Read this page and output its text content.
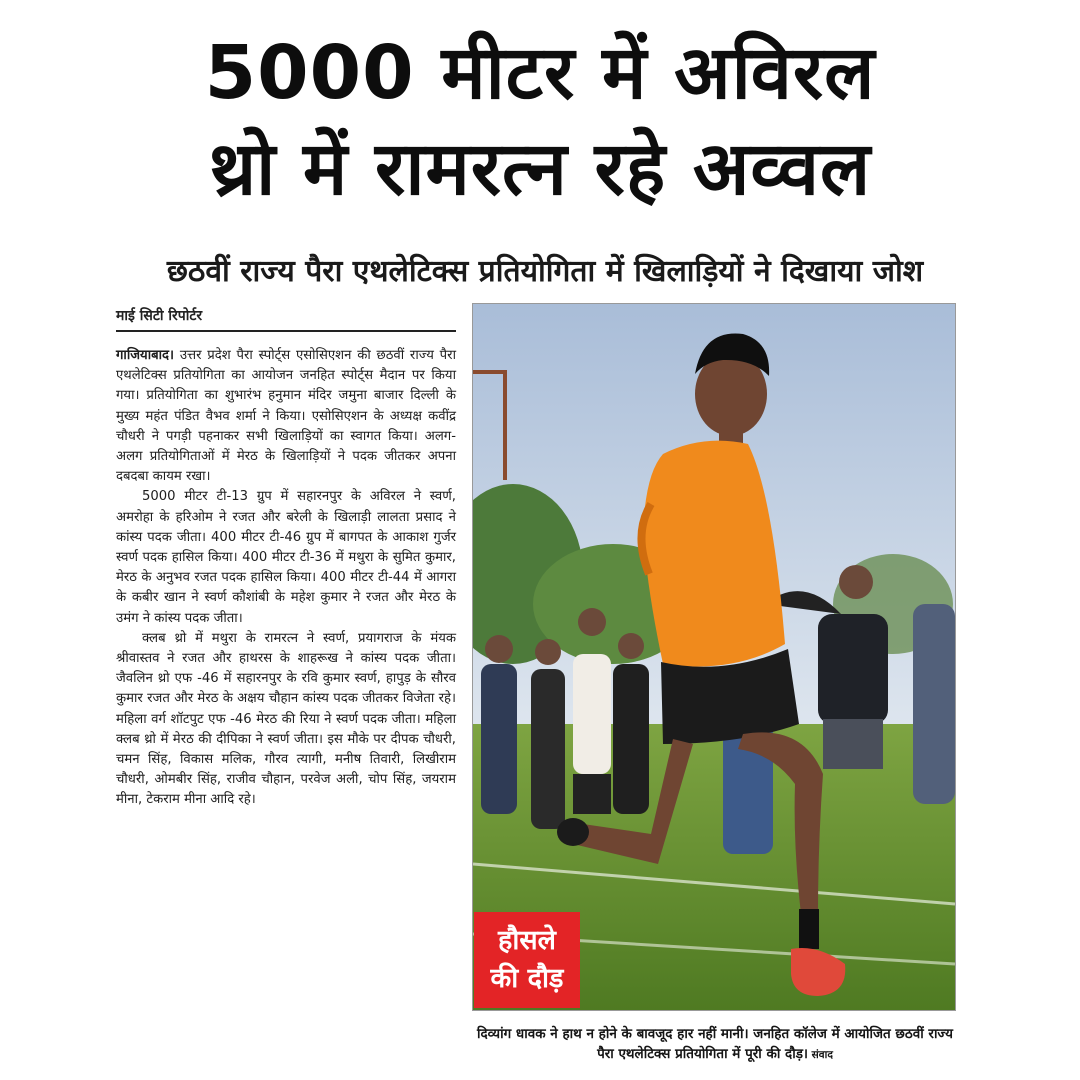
5000 मीटर में अविरल
थ्रो में रामरत्न रहे अव्वल
छठवीं राज्य पैरा एथलेटिक्स प्रतियोगिता में खिलाड़ियों ने दिखाया जोश
माई सिटी रिपोर्टर

गाजियाबाद। उत्तर प्रदेश पैरा स्पोर्ट्स एसोसिएशन की छठवीं राज्य पैरा एथलेटिक्स प्रतियोगिता का आयोजन जनहित स्पोर्ट्स मैदान पर किया गया। प्रतियोगिता का शुभारंभ हनुमान मंदिर जमुना बाजार दिल्ली के मुख्य महंत पंडित वैभव शर्मा ने किया। एसोसिएशन के अध्यक्ष कवींद्र चौधरी ने पगड़ी पहनाकर सभी खिलाड़ियों का स्वागत किया। अलग-अलग प्रतियोगिताओं में मेरठ के खिलाड़ियों ने पदक जीतकर अपना दबदबा कायम रखा।

5000 मीटर टी-13 ग्रुप में सहारनपुर के अविरल ने स्वर्ण, अमरोहा के हरिओम ने रजत और बरेली के खिलाड़ी लालता प्रसाद ने कांस्य पदक जीता। 400 मीटर टी-46 ग्रुप में बागपत के आकाश गुर्जर स्वर्ण पदक हासिल किया। 400 मीटर टी-36 में मथुरा के सुमित कुमार, मेरठ के अनुभव रजत पदक हासिल किया। 400 मीटर टी-44 में आगरा के कबीर खान ने स्वर्ण कौशांबी के महेश कुमार ने रजत और मेरठ के उमंग ने कांस्य पदक जीता।

क्लब थ्रो में मथुरा के रामरत्न ने स्वर्ण, प्रयागराज के मंयक श्रीवास्तव ने रजत और हाथरस के शाहरूख ने कांस्य पदक जीता। जैवलिन थ्रो एफ -46 में सहारनपुर के रवि कुमार स्वर्ण, हापुड़ के सौरव कुमार रजत और मेरठ के अक्षय चौहान कांस्य पदक जीतकर विजेता रहे। महिला वर्ग शॉटपुट एफ -46 मेरठ की रिया ने स्वर्ण पदक जीता। महिला क्लब थ्रो में मेरठ की दीपिका ने स्वर्ण जीता। इस मौके पर दीपक चौधरी, चमन सिंह, विकास मलिक, गौरव त्यागी, मनीष तिवारी, लिखीराम चौधरी, ओमबीर सिंह, राजीव चौहान, परवेज अली, चोप सिंह, जयराम मीना, टेकराम मीना आदि रहे।

हौसले
की दौड़
दिव्यांग धावक ने हाथ न होने के बावजूद हार नहीं मानी। जनहित कॉलेज में आयोजित छठवीं राज्य पैरा एथलेटिक्स प्रतियोगिता में पूरी की दौड़। संवाद
